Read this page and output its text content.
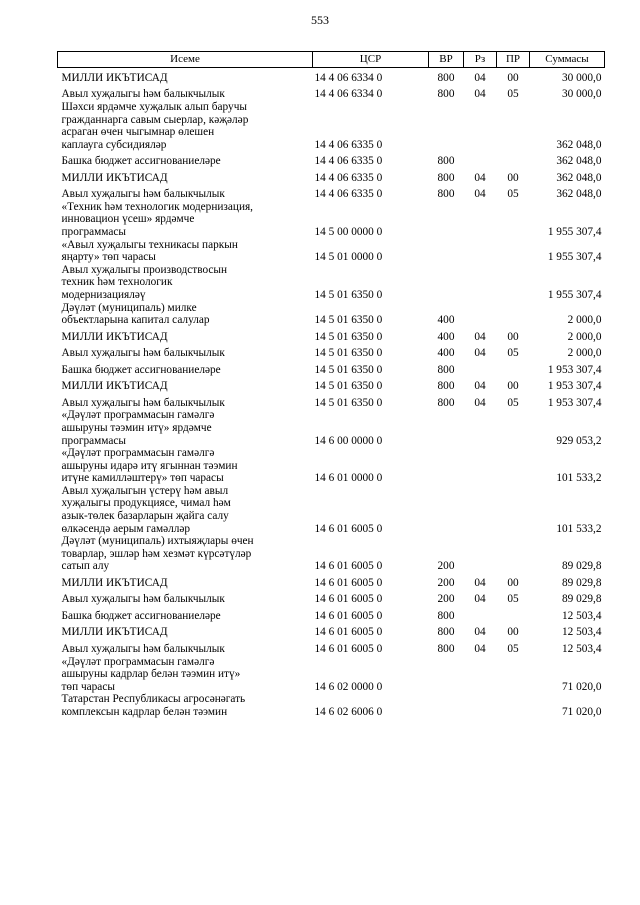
553
Исеме	ЦСР	ВР	Рз	ПР	Суммасы

МИЛЛИ ИКЪТИСАД	14 4 06 6334 0	800	04	00	30 000,0

Авыл хуҗалыгы һәм балыкчылык	14 4 06 6334 0	800	04	05	30 000,0

Шәхси ярдәмче хуҗалык алып баручы
гражданнарга савым сыерлар, кәҗәләр
асраган өчен чыгымнар өлешен
каплауга субсидияләр	14 4 06 6335 0				362 048,0

Башка бюджет ассигнованиеләре	14 4 06 6335 0	800			362 048,0

МИЛЛИ ИКЪТИСАД	14 4 06 6335 0	800	04	00	362 048,0

Авыл хуҗалыгы һәм балыкчылык	14 4 06 6335 0	800	04	05	362 048,0

«Техник һәм технологик модернизация,
инновацион үсеш» ярдәмче
программасы	14 5 00 0000 0				1 955 307,4

«Авыл хуҗалыгы техникасы паркын
яңарту» төп чарасы	14 5 01 0000 0				1 955 307,4

Авыл хуҗалыгы производствосын
техник һәм технологик
модернизацияләү	14 5 01 6350 0				1 955 307,4

Дәүләт (муниципаль) милке
объектларына капитал салулар	14 5 01 6350 0	400			2 000,0

МИЛЛИ ИКЪТИСАД	14 5 01 6350 0	400	04	00	2 000,0

Авыл хуҗалыгы һәм балыкчылык	14 5 01 6350 0	400	04	05	2 000,0

Башка бюджет ассигнованиеләре	14 5 01 6350 0	800			1 953 307,4

МИЛЛИ ИКЪТИСАД	14 5 01 6350 0	800	04	00	1 953 307,4

Авыл хуҗалыгы һәм балыкчылык	14 5 01 6350 0	800	04	05	1 953 307,4

«Дәүләт программасын гамәлгә
ашыруны тәэмин итү» ярдәмче
программасы	14 6 00 0000 0				929 053,2

«Дәүләт программасын гамәлгә
ашыруны идарә итү ягыннан тәэмин
итүне камилләштерү» төп чарасы	14 6 01 0000 0				101 533,2

Авыл хуҗалыгын үстерү һәм авыл
хуҗалыгы продукциясе, чимал һәм
азык-төлек базарларын җайга салу
өлкәсендә аерым гамәлләр	14 6 01 6005 0				101 533,2

Дәүләт (муниципаль) ихтыяҗлары өчен
товарлар, эшләр һәм хезмәт күрсәтүләр
сатып алу	14 6 01 6005 0	200			89 029,8

МИЛЛИ ИКЪТИСАД	14 6 01 6005 0	200	04	00	89 029,8

Авыл хуҗалыгы һәм балыкчылык	14 6 01 6005 0	200	04	05	89 029,8

Башка бюджет ассигнованиеләре	14 6 01 6005 0	800			12 503,4

МИЛЛИ ИКЪТИСАД	14 6 01 6005 0	800	04	00	12 503,4

Авыл хуҗалыгы һәм балыкчылык	14 6 01 6005 0	800	04	05	12 503,4

«Дәүләт программасын гамәлгә
ашыруны кадрлар белән тәэмин итү»
төп чарасы	14 6 02 0000 0				71 020,0

Татарстан Республикасы агросәнәгать
комплексын кадрлар белән тәэмин	14 6 02 6006 0				71 020,0
